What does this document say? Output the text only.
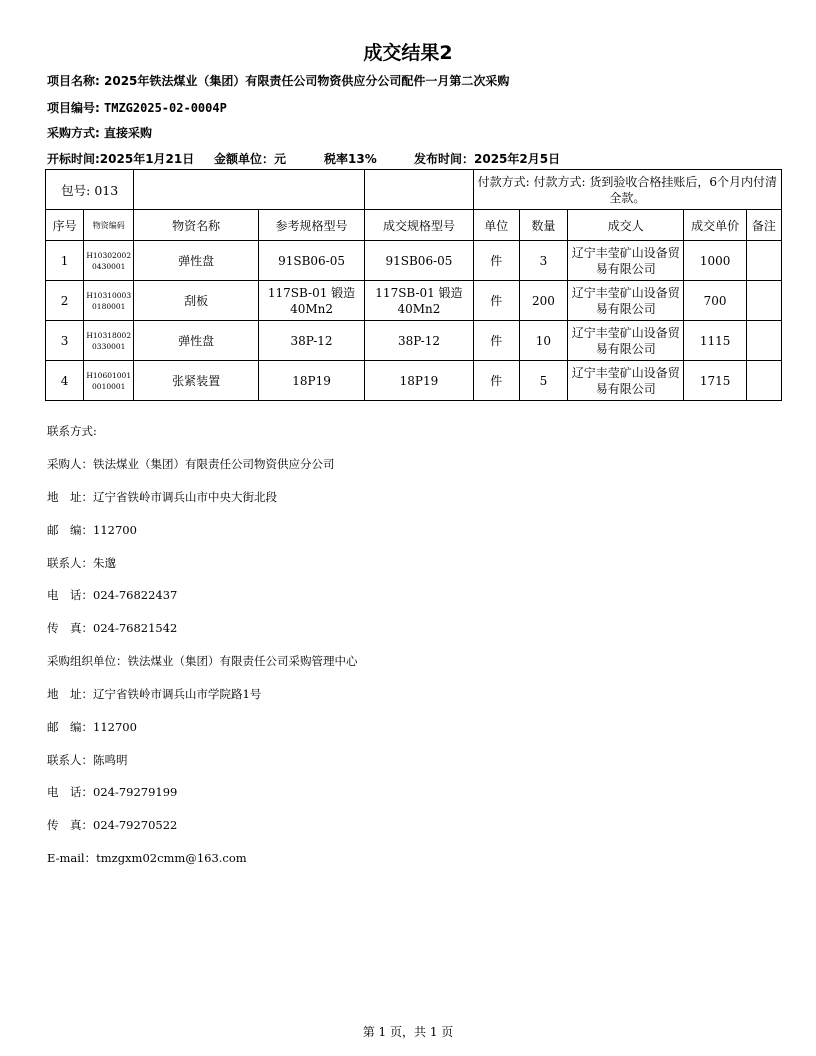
成交结果2
项目名称: 2025年铁法煤业（集团）有限责任公司物资供应分公司配件一月第二次采购
项目编号: TMZG2025-02-0004P
采购方式: 直接采购
开标时间:2025年1月21日 金额单位：元	税率13%	发布时间：2025年2月5日
包号: 013					付款方式: 付款方式: 货到验收合格挂账后，6个月内付清全款。				
序号	物资编码	物资名称	参考规格型号	成交规格型号	单位	数量	成交人	成交单价	备注
1	H103020020430001	弹性盘	91SB06-05	91SB06-05	件	3	辽宁丰莹矿山设备贸易有限公司	1000	
2	H103100030180001	刮板	117SB-01 锻造40Mn2	117SB-01 锻造40Mn2	件	200	辽宁丰莹矿山设备贸易有限公司	700	
3	H103180020330001	弹性盘	38P-12	38P-12	件	10	辽宁丰莹矿山设备贸易有限公司	1115	
4	H106010010010001	张紧装置	18P19	18P19	件	5	辽宁丰莹矿山设备贸易有限公司	1715	

联系方式:

采购人：铁法煤业（集团）有限责任公司物资供应分公司

地　址：辽宁省铁岭市调兵山市中央大街北段

邮　编：112700

联系人：朱邈

电　话：024-76822437

传　真：024-76821542

采购组织单位：铁法煤业（集团）有限责任公司采购管理中心

地　址：辽宁省铁岭市调兵山市学院路1号

邮　编：112700

联系人：陈鸣明

电　话：024-79279199

传　真：024-79270522

E-mail：tmzgxm02cmm@163.com

第 1 页，共 1 页
